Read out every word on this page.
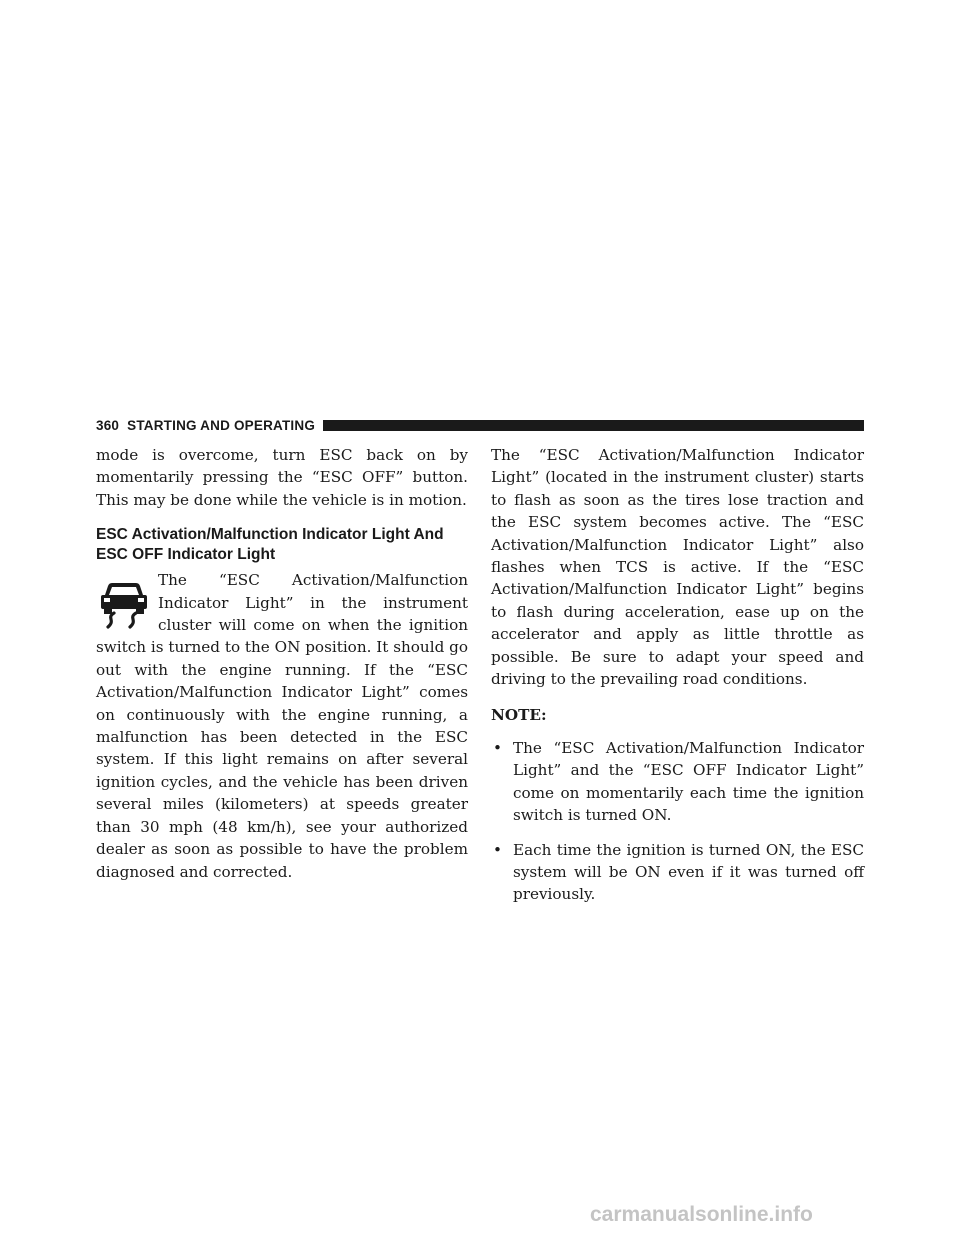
360 STARTING AND OPERATING

mode is overcome, turn ESC back on by momentarily pressing the “ESC OFF” button. This may be done while the vehicle is in motion.

ESC Activation/Malfunction Indicator Light And
ESC OFF Indicator Light

The “ESC Activation/Malfunction Indicator Light” in the instrument cluster will come on when the ignition switch is turned to the ON position. It should go out with the engine running. If the “ESC Activation/Malfunction Indicator Light” comes on continuously with the engine running, a malfunction has been detected in the ESC system. If this light remains on after several ignition cycles, and the vehicle has been driven several miles (kilometers) at speeds greater than 30 mph (48 km/h), see your authorized dealer as soon as possible to have the problem diagnosed and corrected.

The “ESC Activation/Malfunction Indicator Light” (located in the instrument cluster) starts to flash as soon as the tires lose traction and the ESC system becomes active. The “ESC Activation/Malfunction Indicator Light” also flashes when TCS is active. If the “ESC Activation/Malfunction Indicator Light” begins to flash during acceleration, ease up on the accelerator and apply as little throttle as possible. Be sure to adapt your speed and driving to the prevailing road conditions.

NOTE:

• The “ESC Activation/Malfunction Indicator Light” and the “ESC OFF Indicator Light” come on momentarily each time the ignition switch is turned ON.
• Each time the ignition is turned ON, the ESC system will be ON even if it was turned off previously.
carmanualsonline.info
